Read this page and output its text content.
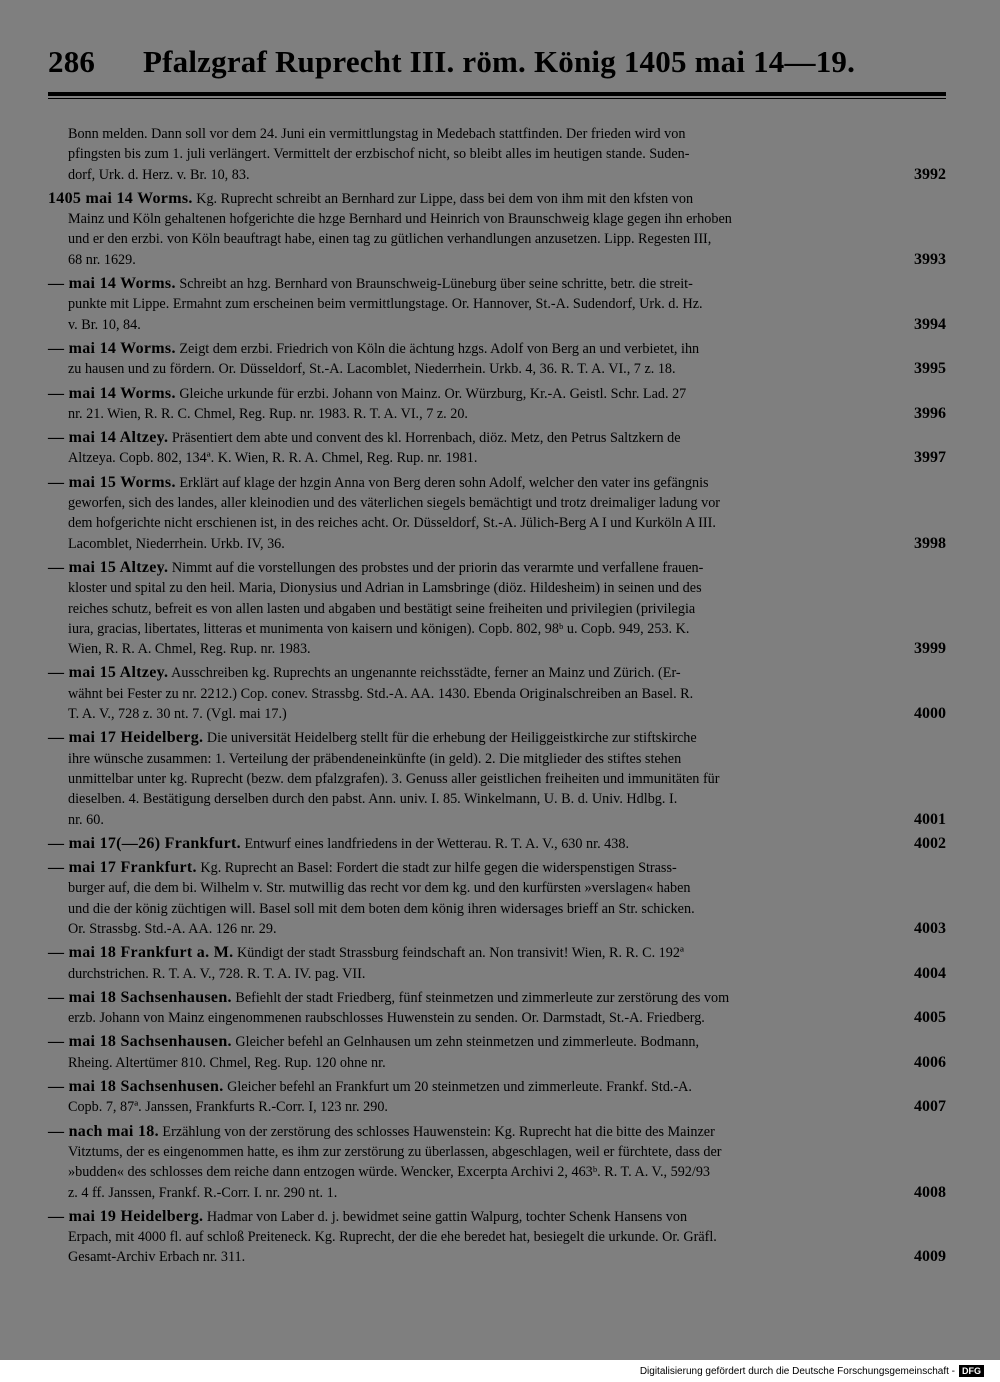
286 Pfalzgraf Ruprecht III. röm. König 1405 mai 14—19.
Bonn melden. Dann soll vor dem 24. Juni ein vermittlungstag in Medebach stattfinden. Der frieden wird von
pfingsten bis zum 1. juli verlängert. Vermittelt der erzbischof nicht, so bleibt alles im heutigen stande. Suden-
dorf, Urk. d. Herz. v. Br. 10, 83.	3992
1405 mai 14 Worms. Kg. Ruprecht schreibt an Bernhard zur Lippe, dass bei dem von ihm mit den kfsten von
Mainz und Köln gehaltenen hofgerichte die hzge Bernhard und Heinrich von Braunschweig klage gegen ihn erhoben
und er den erzbi. von Köln beauftragt habe, einen tag zu gütlichen verhandlungen anzusetzen. Lipp. Regesten III,
68 nr. 1629.	3993
— mai 14 Worms. Schreibt an hzg. Bernhard von Braunschweig-Lüneburg über seine schritte, betr. die streit-
punkte mit Lippe. Ermahnt zum erscheinen beim vermittlungstage. Or. Hannover, St.-A. Sudendorf, Urk. d. Hz.
v. Br. 10, 84.	3994
— mai 14 Worms. Zeigt dem erzbi. Friedrich von Köln die ächtung hzgs. Adolf von Berg an und verbietet, ihn
zu hausen und zu fördern. Or. Düsseldorf, St.-A. Lacomblet, Niederrhein. Urkb. 4, 36. R. T. A. VI., 7 z. 18.	3995
— mai 14 Worms. Gleiche urkunde für erzbi. Johann von Mainz. Or. Würzburg, Kr.-A. Geistl. Schr. Lad. 27
nr. 21. Wien, R. R. C. Chmel, Reg. Rup. nr. 1983. R. T. A. VI., 7 z. 20.	3996
— mai 14 Altzey. Präsentiert dem abte und convent des kl. Horrenbach, diöz. Metz, den Petrus Saltzkern de
Altzeya. Copb. 802, 134ª. K. Wien, R. R. A. Chmel, Reg. Rup. nr. 1981.	3997
— mai 15 Worms. Erklärt auf klage der hzgin Anna von Berg deren sohn Adolf, welcher den vater ins gefängnis
geworfen, sich des landes, aller kleinodien und des väterlichen siegels bemächtigt und trotz dreimaliger ladung vor
dem hofgerichte nicht erschienen ist, in des reiches acht. Or. Düsseldorf, St.-A. Jülich-Berg A I und Kurköln A III.
Lacomblet, Niederrhein. Urkb. IV, 36.	3998
— mai 15 Altzey. Nimmt auf die vorstellungen des probstes und der priorin das verarmte und verfallene frauen-
kloster und spital zu den heil. Maria, Dionysius und Adrian in Lamsbringe (diöz. Hildesheim) in seinen und des
reiches schutz, befreit es von allen lasten und abgaben und bestätigt seine freiheiten und privilegien (privilegia
iura, gracias, libertates, litteras et munimenta von kaisern und königen). Copb. 802, 98ᵇ u. Copb. 949, 253. K.
Wien, R. R. A. Chmel, Reg. Rup. nr. 1983.	3999
— mai 15 Altzey. Ausschreiben kg. Ruprechts an ungenannte reichsstädte, ferner an Mainz und Zürich. (Er-
wähnt bei Fester zu nr. 2212.) Cop. conev. Strassbg. Std.-A. AA. 1430. Ebenda Originalschreiben an Basel. R.
T. A. V., 728 z. 30 nt. 7. (Vgl. mai 17.)	4000
— mai 17 Heidelberg. Die universität Heidelberg stellt für die erhebung der Heiliggeistkirche zur stiftskirche
ihre wünsche zusammen: 1. Verteilung der präbendeneinkünfte (in geld). 2. Die mitglieder des stiftes stehen
unmittelbar unter kg. Ruprecht (bezw. dem pfalzgrafen). 3. Genuss aller geistlichen freiheiten und immunitäten für
dieselben. 4. Bestätigung derselben durch den pabst. Ann. univ. I. 85. Winkelmann, U. B. d. Univ. Hdlbg. I.
nr. 60.	4001
— mai 17(—26) Frankfurt. Entwurf eines landfriedens in der Wetterau. R. T. A. V., 630 nr. 438.	4002
— mai 17 Frankfurt. Kg. Ruprecht an Basel: Fordert die stadt zur hilfe gegen die widerspenstigen Strass-
burger auf, die dem bi. Wilhelm v. Str. mutwillig das recht vor dem kg. und den kurfürsten »verslagen« haben
und die der könig züchtigen will. Basel soll mit dem boten dem könig ihren widersages brieff an Str. schicken.
Or. Strassbg. Std.-A. AA. 126 nr. 29.	4003
— mai 18 Frankfurt a. M. Kündigt der stadt Strassburg feindschaft an. Non transivit! Wien, R. R. C. 192ª
durchstrichen. R. T. A. V., 728. R. T. A. IV. pag. VII.	4004
— mai 18 Sachsenhausen. Befiehlt der stadt Friedberg, fünf steinmetzen und zimmerleute zur zerstörung des vom
erzb. Johann von Mainz eingenommenen raubschlosses Huwenstein zu senden. Or. Darmstadt, St.-A. Friedberg.	4005
— mai 18 Sachsenhausen. Gleicher befehl an Gelnhausen um zehn steinmetzen und zimmerleute. Bodmann,
Rheing. Altertümer 810. Chmel, Reg. Rup. 120 ohne nr.	4006
— mai 18 Sachsenhusen. Gleicher befehl an Frankfurt um 20 steinmetzen und zimmerleute. Frankf. Std.-A.
Copb. 7, 87ª. Janssen, Frankfurts R.-Corr. I, 123 nr. 290.	4007
— nach mai 18. Erzählung von der zerstörung des schlosses Hauwenstein: Kg. Ruprecht hat die bitte des Mainzer
Vitztums, der es eingenommen hatte, es ihm zur zerstörung zu überlassen, abgeschlagen, weil er fürchtete, dass der
»budden« des schlosses dem reiche dann entzogen würde. Wencker, Excerpta Archivi 2, 463ᵇ. R. T. A. V., 592/93
z. 4 ff. Janssen, Frankf. R.-Corr. I. nr. 290 nt. 1.	4008
— mai 19 Heidelberg. Hadmar von Laber d. j. bewidmet seine gattin Walpurg, tochter Schenk Hansens von
Erpach, mit 4000 fl. auf schloß Preiteneck. Kg. Ruprecht, der die ehe beredet hat, besiegelt die urkunde. Or. Gräfl.
Gesamt-Archiv Erbach nr. 311.	4009
Digitalisierung gefördert durch die Deutsche Forschungsgemeinschaft - DFG
